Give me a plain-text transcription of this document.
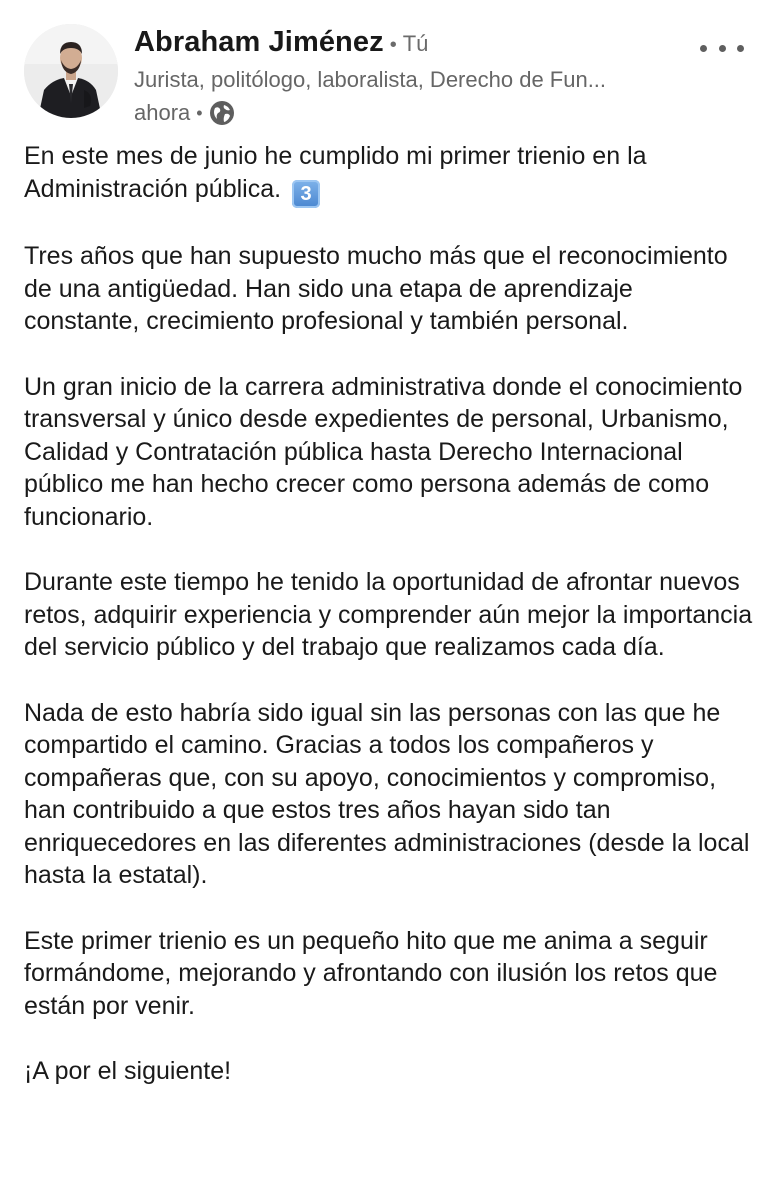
Abraham Jiménez • Tú
Jurista, politólogo, laboralista, Derecho de Fun...
ahora •

En este mes de junio he cumplido mi primer trienio en la Administración pública. 3

Tres años que han supuesto mucho más que el reconocimiento de una antigüedad. Han sido una etapa de aprendizaje constante, crecimiento profesional y también personal.

Un gran inicio de la carrera administrativa donde el conocimiento transversal y único desde expedientes de personal, Urbanismo, Calidad y Contratación pública hasta Derecho Internacional público me han hecho crecer como persona además de como funcionario.

Durante este tiempo he tenido la oportunidad de afrontar nuevos retos, adquirir experiencia y comprender aún mejor la importancia del servicio público y del trabajo que realizamos cada día.

Nada de esto habría sido igual sin las personas con las que he compartido el camino. Gracias a todos los compañeros y compañeras que, con su apoyo, conocimientos y compromiso, han contribuido a que estos tres años hayan sido tan enriquecedores en las diferentes administraciones (desde la local hasta la estatal).

Este primer trienio es un pequeño hito que me anima a seguir formándome, mejorando y afrontando con ilusión los retos que están por venir.

¡A por el siguiente!
